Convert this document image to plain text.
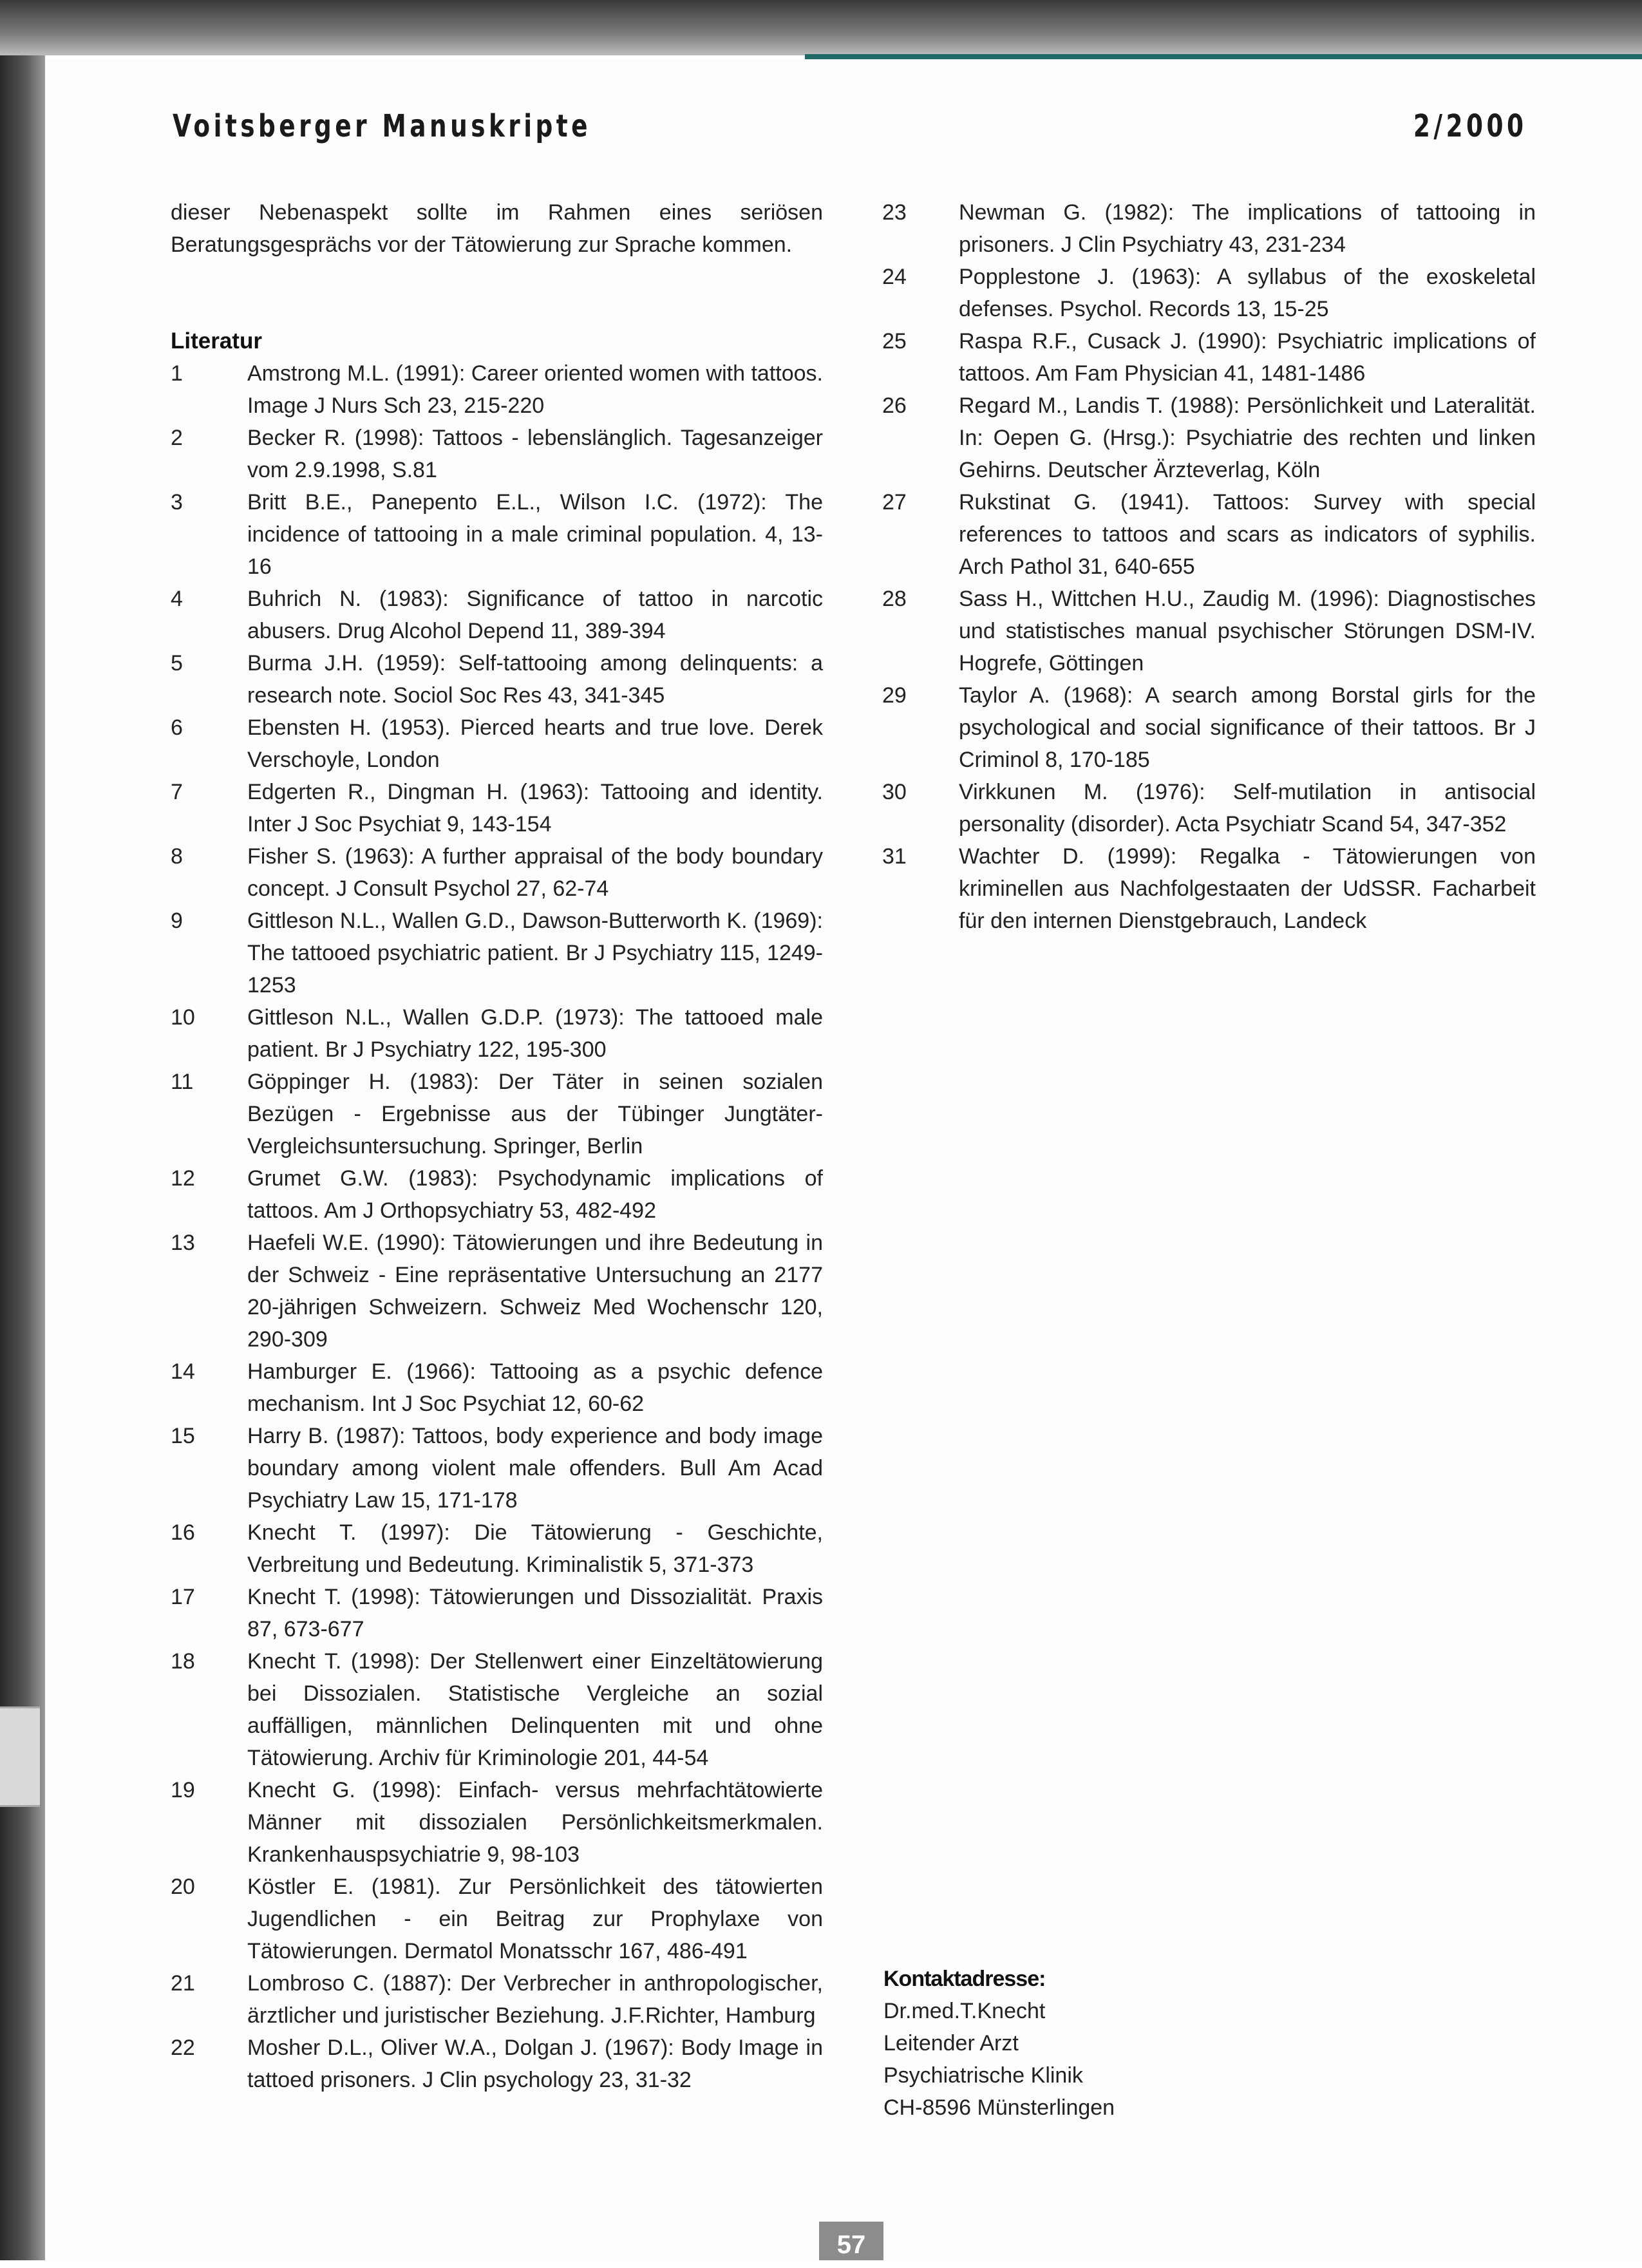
Voitsberger Manuskripte	2/2000

dieser Nebenaspekt sollte im Rahmen eines seriösen Beratungsgesprächs vor der Tätowierung zur Sprache kommen.

Literatur
1	Amstrong M.L. (1991): Career oriented women with tattoos. Image J Nurs Sch 23, 215-220
2	Becker R. (1998): Tattoos - lebenslänglich. Tagesanzeiger vom 2.9.1998, S.81
3	Britt B.E., Panepento E.L., Wilson I.C. (1972): The incidence of tattooing in a male criminal population. 4, 13-16
4	Buhrich N. (1983): Significance of tattoo in narcotic abusers. Drug Alcohol Depend 11, 389-394
5	Burma J.H. (1959): Self-tattooing among delinquents: a research note. Sociol Soc Res 43, 341-345
6	Ebensten H. (1953). Pierced hearts and true love. Derek Verschoyle, London
7	Edgerten R., Dingman H. (1963): Tattooing and identity. Inter J Soc Psychiat 9, 143-154
8	Fisher S. (1963): A further appraisal of the body boundary concept. J Consult Psychol 27, 62-74
9	Gittleson N.L., Wallen G.D., Dawson-Butterworth K. (1969): The tattooed psychiatric patient. Br J Psychiatry 115, 1249-1253
10	Gittleson N.L., Wallen G.D.P. (1973): The tattooed male patient. Br J Psychiatry 122, 195-300
11	Göppinger H. (1983): Der Täter in seinen sozialen Bezügen - Ergebnisse aus der Tübinger Jungtäter-Vergleichsuntersuchung. Springer, Berlin
12	Grumet G.W. (1983): Psychodynamic implications of tattoos. Am J Orthopsychiatry 53, 482-492
13	Haefeli W.E. (1990): Tätowierungen und ihre Bedeutung in der Schweiz - Eine repräsentative Untersuchung an 2177 20-jährigen Schweizern. Schweiz Med Wochenschr 120, 290-309
14	Hamburger E. (1966): Tattooing as a psychic defence mechanism. Int J Soc Psychiat 12, 60-62
15	Harry B. (1987): Tattoos, body experience and body image boundary among violent male offenders. Bull Am Acad Psychiatry Law 15, 171-178
16	Knecht T. (1997): Die Tätowierung - Geschichte, Verbreitung und Bedeutung. Kriminalistik 5, 371-373
17	Knecht T. (1998): Tätowierungen und Dissozialität. Praxis 87, 673-677
18	Knecht T. (1998): Der Stellenwert einer Einzeltätowierung bei Dissozialen. Statistische Vergleiche an sozial auffälligen, männlichen Delinquenten mit und ohne Tätowierung. Archiv für Kriminologie 201, 44-54
19	Knecht G. (1998): Einfach- versus mehrfachtätowierte Männer mit dissozialen Persönlichkeitsmerkmalen. Krankenhauspsychiatrie 9, 98-103
20	Köstler E. (1981). Zur Persönlichkeit des tätowierten Jugendlichen - ein Beitrag zur Prophylaxe von Tätowierungen. Dermatol Monatsschr 167, 486-491
21	Lombroso C. (1887): Der Verbrecher in anthropologischer, ärztlicher und juristischer Beziehung. J.F.Richter, Hamburg
22	Mosher D.L., Oliver W.A., Dolgan J. (1967): Body Image in tattoed prisoners. J Clin psychology 23, 31-32
23	Newman G. (1982): The implications of tattooing in prisoners. J Clin Psychiatry 43, 231-234
24	Popplestone J. (1963): A syllabus of the exoskeletal defenses. Psychol. Records 13, 15-25
25	Raspa R.F., Cusack J. (1990): Psychiatric implications of tattoos. Am Fam Physician 41, 1481-1486
26	Regard M., Landis T. (1988): Persönlichkeit und Lateralität. In: Oepen G. (Hrsg.): Psychiatrie des rechten und linken Gehirns. Deutscher Ärzteverlag, Köln
27	Rukstinat G. (1941). Tattoos: Survey with special references to tattoos and scars as indicators of syphilis. Arch Pathol 31, 640-655
28	Sass H., Wittchen H.U., Zaudig M. (1996): Diagnostisches und statistisches manual psychischer Störungen DSM-IV. Hogrefe, Göttingen
29	Taylor A. (1968): A search among Borstal girls for the psychological and social significance of their tattoos. Br J Criminol 8, 170-185
30	Virkkunen M. (1976): Self-mutilation in antisocial personality (disorder). Acta Psychiatr Scand 54, 347-352
31	Wachter D. (1999): Regalka - Tätowierungen von kriminellen aus Nachfolgestaaten der UdSSR. Facharbeit für den internen Dienstgebrauch, Landeck
Kontaktadresse:
Dr.med.T.Knecht
Leitender Arzt
Psychiatrische Klinik
CH-8596 Münsterlingen
57
